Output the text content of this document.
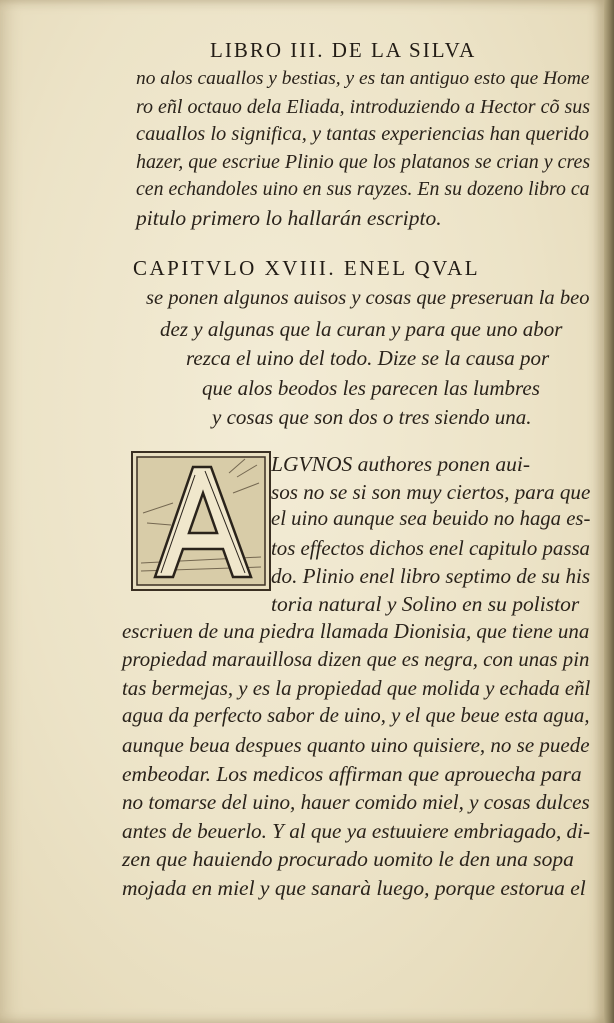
LIBRO III. DE LA SILVA
no alos cauallos y bestias, y es tan antiguo esto que Home
ro eñl octauo dela Eliada, introduziendo a Hector cõ sus
cauallos lo significa, y tantas experiencias han querido
hazer, que escriue Plinio que los platanos se crian y cres
cen echandoles uino en sus rayzes. En su dozeno libro ca
pitulo primero lo hallarán escripto.
CAPITVLO XVIII. ENEL QVAL
se ponen algunos auisos y cosas que preseruan la beo
dez y algunas que la curan y para que uno abor
rezca el uino del todo. Dize se la causa por
que alos beodos les parecen las lumbres
y cosas que son dos o tres siendo una.
LGVNOS authores ponen aui-
sos no se si son muy ciertos, para que
el uino aunque sea beuido no haga es-
tos effectos dichos enel capitulo passa
do. Plinio enel libro septimo de su his
toria natural y Solino en su polistor
escriuen de una piedra llamada Dionisia, que tiene una
propiedad marauillosa dizen que es negra, con unas pin
tas bermejas, y es la propiedad que molida y echada eñl
agua da perfecto sabor de uino, y el que beue esta agua,
aunque beua despues quanto uino quisiere, no se puede
embeodar. Los medicos affirman que aprouecha para
no tomarse del uino, hauer comido miel, y cosas dulces
antes de beuerlo. Y al que ya estuuiere embriagado, di-
zen que hauiendo procurado uomito le den una sopa
mojada en miel y que sanarà luego, porque estorua el
